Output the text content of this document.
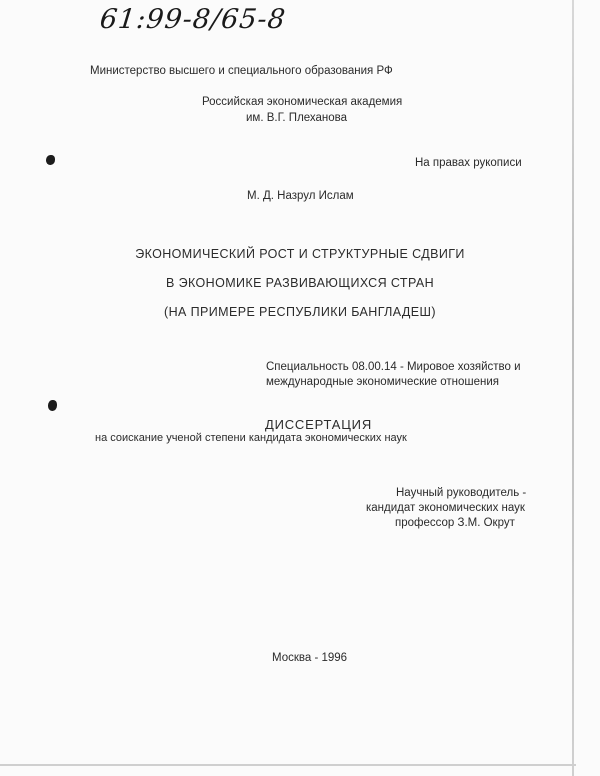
61:99-8/65-8
Министерство высшего и специального образования РФ
Российская экономическая академия
им. В.Г. Плеханова
На правах рукописи
М. Д. Назрул Ислам
ЭКОНОМИЧЕСКИЙ РОСТ И СТРУКТУРНЫЕ СДВИГИ
В ЭКОНОМИКЕ РАЗВИВАЮЩИХСЯ СТРАН
(НА ПРИМЕРЕ РЕСПУБЛИКИ БАНГЛАДЕШ)
Специальность 08.00.14 - Мировое хозяйство и
международные экономические отношения
ДИССЕРТАЦИЯ
на соискание ученой степени кандидата экономических наук
Научный руководитель -
кандидат экономических наук
профессор З.М. Окрут
Москва - 1996
